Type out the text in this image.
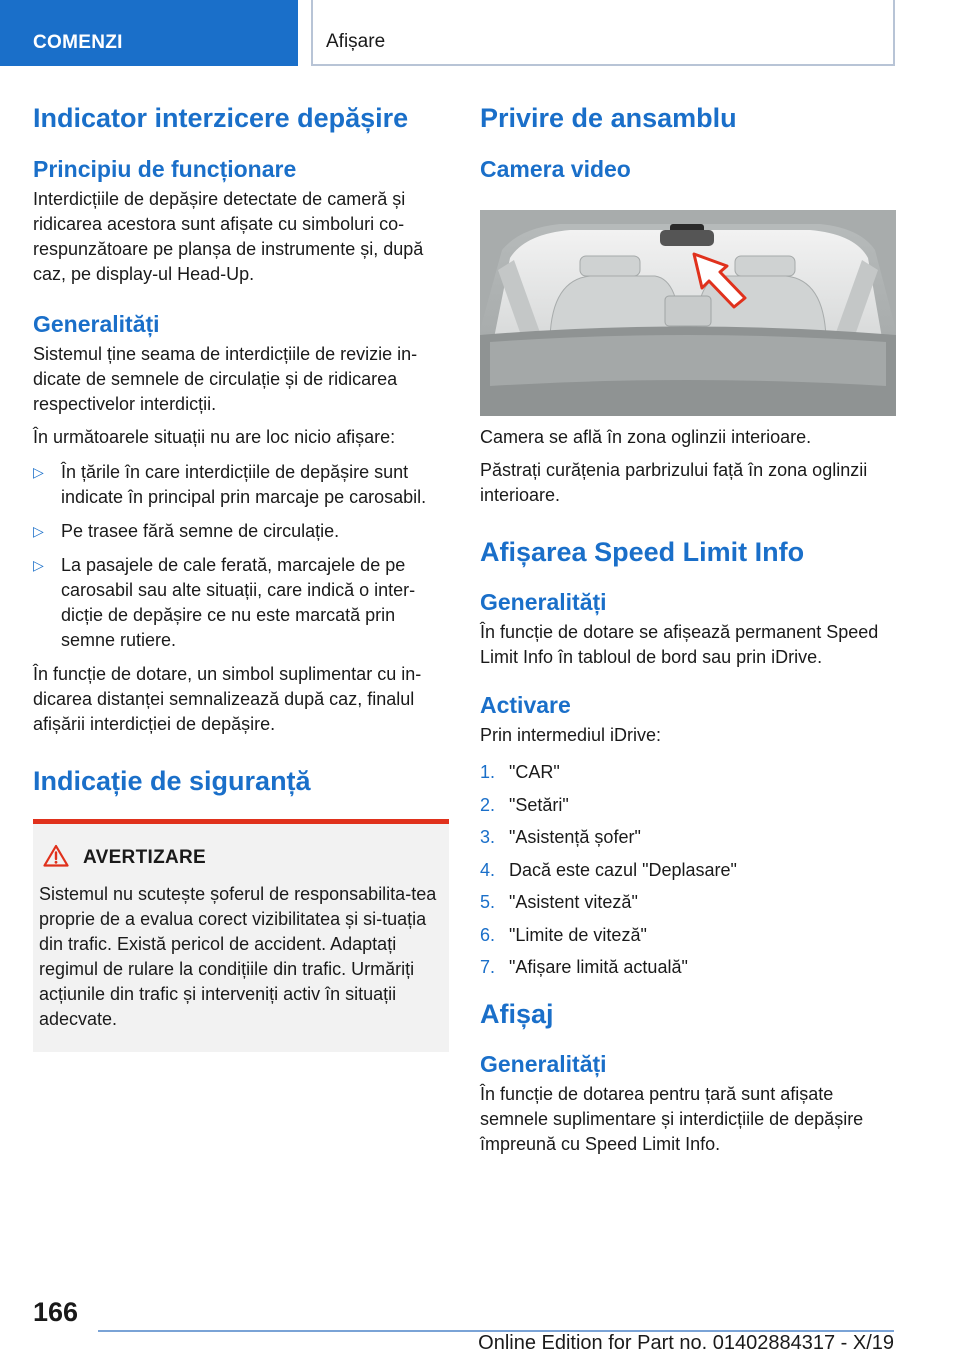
COMENZI	Afișare
Indicator interzicere depășire
Principiu de funcționare

Interdicțiile de depășire detectate de cameră și ridicarea acestora sunt afișate cu simboluri co-respunzătoare pe planșa de instrumente și, după caz, pe display-ul Head-Up.

Generalități

Sistemul ține seama de interdicțiile de revizie in-dicate de semnele de circulație și de ridicarea respectivelor interdicții.

În următoarele situații nu are loc nicio afișare:

▷ În țările în care interdicțiile de depășire sunt indicate în principal prin marcaje pe carosabil.
▷ Pe trasee fără semne de circulație.
▷ La pasajele de cale ferată, marcajele de pe carosabil sau alte situații, care indică o inter-dicție de depășire ce nu este marcată prin semne rutiere.

În funcție de dotare, un simbol suplimentar cu in-dicarea distanței semnalizează după caz, finalul afișării interdicției de depășire.

Indicație de siguranță
AVERTIZARE

Sistemul nu scutește șoferul de responsabilita-tea proprie de a evalua corect vizibilitatea și si-tuația din trafic. Există pericol de accident. Adaptați regimul de rulare la condițiile din trafic. Urmăriți acțiunile din trafic și interveniți activ în situații adecvate.

Privire de ansamblu
Camera video

Camera se află în zona oglinzii interioare.

Păstrați curățenia parbrizului față în zona oglinzii interioare.

Afișarea Speed Limit Info
Generalități

În funcție de dotare se afișează permanent Speed Limit Info în tabloul de bord sau prin iDrive.

Activare

Prin intermediul iDrive:

1. "CAR"
2. "Setări"
3. "Asistență șofer"
4. Dacă este cazul "Deplasare"
5. "Asistent viteză"
6. "Limite de viteză"
7. "Afișare limită actuală"
Afișaj
Generalități

În funcție de dotarea pentru țară sunt afișate semnele suplimentare și interdicțiile de depășire împreună cu Speed Limit Info.

166
Online Edition for Part no. 01402884317 - X/19
